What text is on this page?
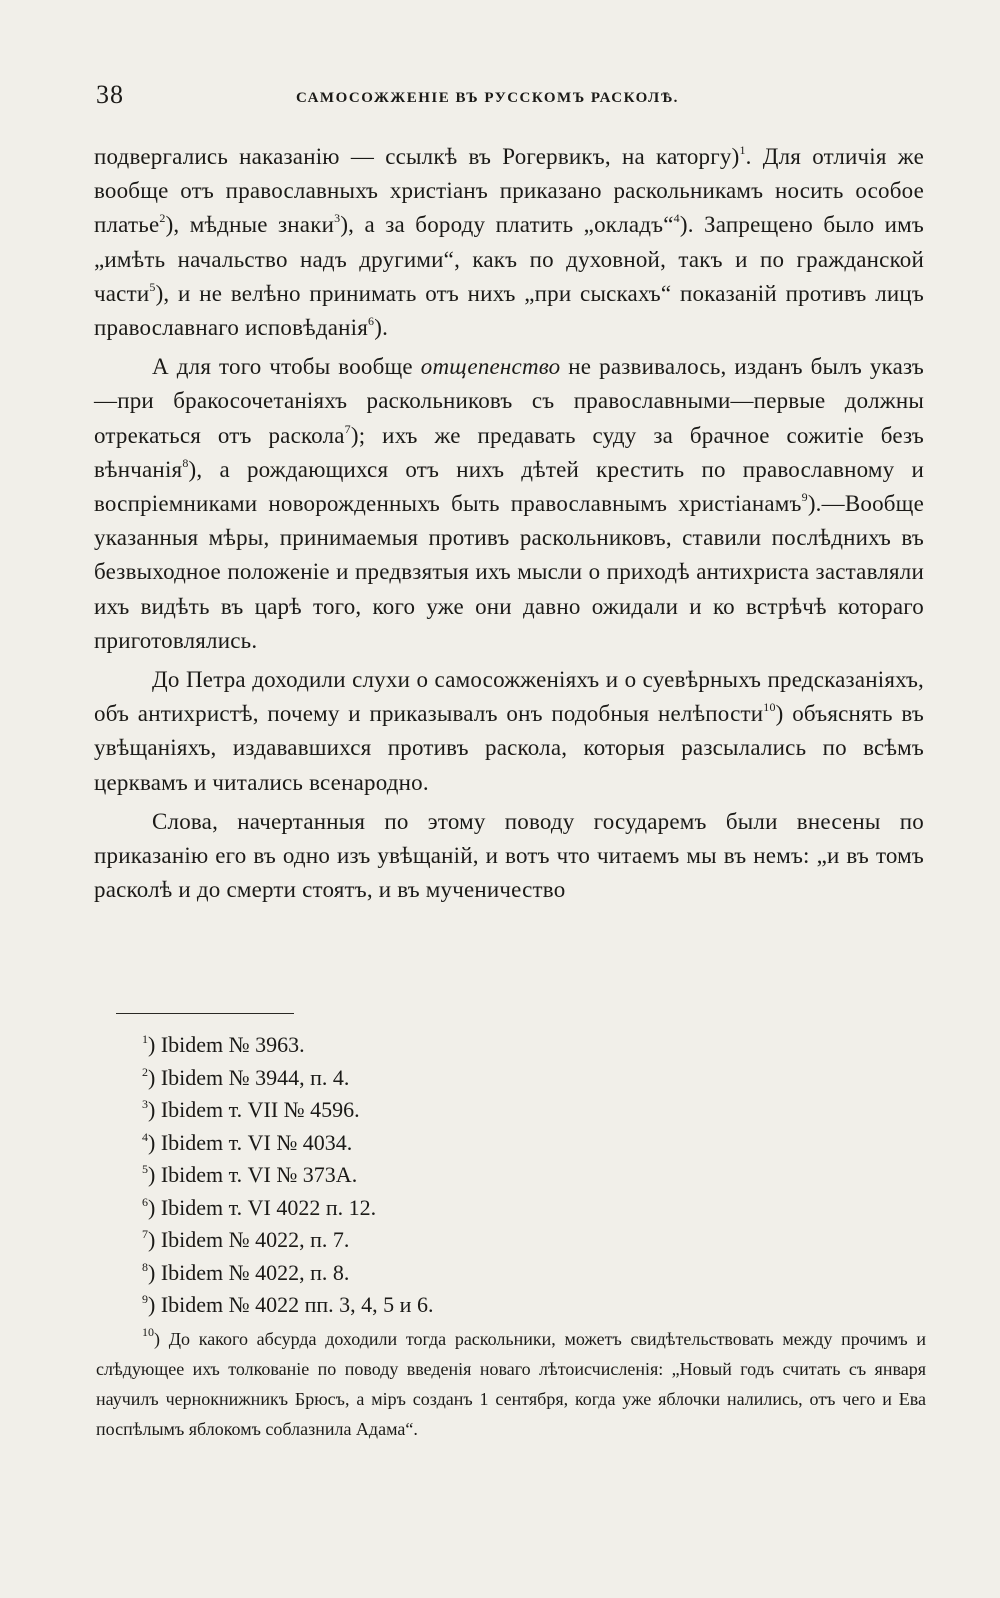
38	САМОСОЖЖЕНІЕ ВЪ РУССКОМЪ РАСКОЛѢ.

подвергались наказанію — ссылкѣ въ Рогервикъ, на каторгу)$^1$. Для отличія же вообще отъ православныхъ христіанъ приказано раскольникамъ носить особое платье$^2$), мѣдные знаки$^3$), а за бороду платить „окладъ“$^4$). Запрещено было имъ „имѣть начальство надъ другими“, какъ по духовной, такъ и по гражданской части$^5$), и не велѣно принимать отъ нихъ „при сыскахъ“ показаній противъ лицъ православнаго исповѣданія$^6$).

А для того чтобы вообще отщепенство не развивалось, изданъ былъ указъ—при бракосочетаніяхъ раскольниковъ съ православными—первые должны отрекаться отъ раскола$^7$); ихъ же предавать суду за брачное сожитіе безъ вѣнчанія$^8$), а рождающихся отъ нихъ дѣтей крестить по православному и воспріемниками новорожденныхъ быть православнымъ христіанамъ$^9$).—Вообще указанныя мѣры, принимаемыя противъ раскольниковъ, ставили послѣднихъ въ безвыходное положеніе и предвзятыя ихъ мысли о приходѣ антихриста заставляли ихъ видѣть въ царѣ того, кого уже они давно ожидали и ко встрѣчѣ котораго приготовлялись.

До Петра доходили слухи о самосожженіяхъ и о суевѣрныхъ предсказаніяхъ, объ антихристѣ, почему и приказывалъ онъ подобныя нелѣпости$^{10}$) объяснять въ увѣщаніяхъ, издававшихся противъ раскола, которыя разсылались по всѣмъ церквамъ и читались всенародно.

Слова, начертанныя по этому поводу государемъ были внесены по приказанію его въ одно изъ увѣщаній, и вотъ что читаемъ мы въ немъ: „и въ томъ расколѣ и до смерти стоятъ, и въ мученичество

$^1$) Ibidem № 3963.
$^2$) Ibidem № 3944, п. 4.
$^3$) Ibidem т. VII № 4596.
$^4$) Ibidem т. VI № 4034.
$^5$) Ibidem т. VI № 373А.
$^6$) Ibidem т. VI 4022 п. 12.
$^7$) Ibidem № 4022, п. 7.
$^8$) Ibidem № 4022, п. 8.
$^9$) Ibidem № 4022 пп. 3, 4, 5 и 6.
$^{10}$) До какого абсурда доходили тогда раскольники, можетъ свидѣтельствовать между прочимъ и слѣдующее ихъ толкованіе по поводу введенія новаго лѣтоисчисленія: „Новый годъ считать съ января научилъ чернокнижникъ Брюсъ, а міръ созданъ 1 сентября, когда уже яблочки налились, отъ чего и Ева поспѣлымъ яблокомъ соблазнила Адама“.
